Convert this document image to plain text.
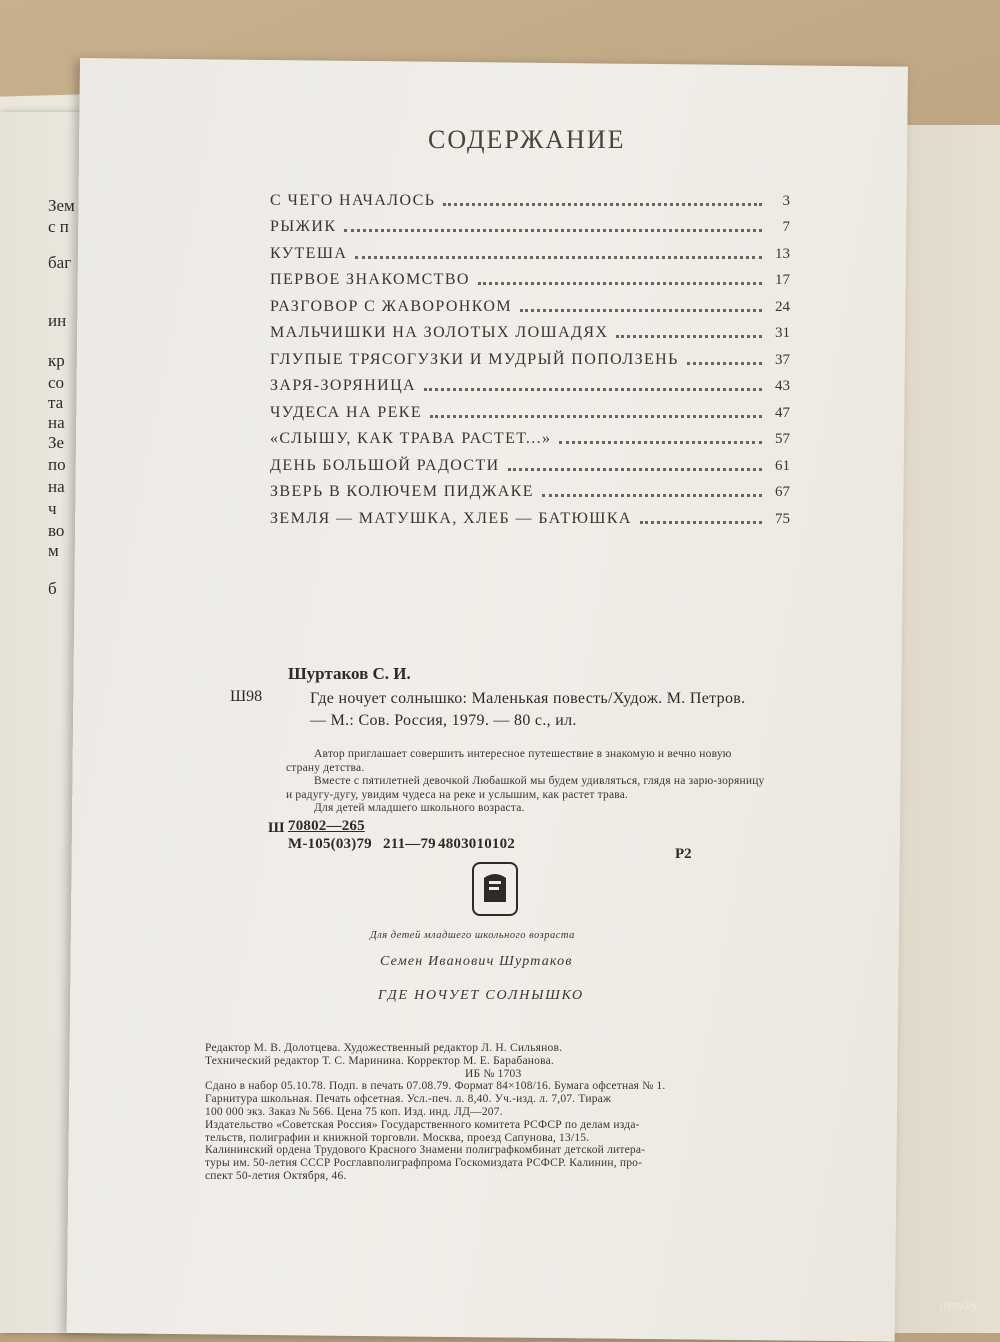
Зем
с п
баг
ин
кр
со
та
на
Зе
по
на
ч
во
м
б
СОДЕРЖАНИЕ
С ЧЕГО НАЧАЛОСЬ	3
РЫЖИК	7
КУТЕША	13
ПЕРВОЕ ЗНАКОМСТВО	17
РАЗГОВОР С ЖАВОРОНКОМ	24
МАЛЬЧИШКИ НА ЗОЛОТЫХ ЛОШАДЯХ	31
ГЛУПЫЕ ТРЯСОГУЗКИ И МУДРЫЙ ПОПОЛЗЕНЬ	37
ЗАРЯ-ЗОРЯНИЦА	43
ЧУДЕСА НА РЕКЕ	47
«СЛЫШУ, КАК ТРАВА РАСТЕТ...»	57
ДЕНЬ БОЛЬШОЙ РАДОСТИ	61
ЗВЕРЬ В КОЛЮЧЕМ ПИДЖАКЕ	67
ЗЕМЛЯ — МАТУШКА, ХЛЕБ — БАТЮШКА	75
Шуртаков С. И.
Ш98	Где ночует солнышко: Маленькая повесть/Худож. М. Петров. — М.: Сов. Россия, 1979. — 80 с., ил.

Автор приглашает совершить интересное путешествие в знакомую и вечно новую страну детства.

Вместе с пятилетней девочкой Любашкой мы будем удивляться, глядя на зарю-зоряницу и радугу-дугу, увидим чудеса на реке и услышим, как растет трава.

Для детей младшего школьного возраста.

Ш 70802—265
М-105(03)79 211—79 4803010102
Р2
Для детей младшего школьного возраста
Семен Иванович Шуртаков
ГДЕ НОЧУЕТ СОЛНЫШКО
Редактор М. В. Долотцева. Художественный редактор Л. Н. Сильянов.
Технический редактор Т. С. Маринина. Корректор М. Е. Барабанова.
ИБ № 1703
Сдано в набор 05.10.78. Подп. в печать 07.08.79. Формат 84×108/16. Бумага офсетная № 1.
Гарнитура школьная. Печать офсетная. Усл.-печ. л. 8,40. Уч.-изд. л. 7,07. Тираж
100 000 экз. Заказ № 566. Цена 75 коп. Изд. инд. ЛД—207.
Издательство «Советская Россия» Государственного комитета РСФСР по делам изда-
тельств, полиграфии и книжной торговли. Москва, проезд Сапунова, 13/15.
Калининский ордена Трудового Красного Знамени полиграфкомбинат детской литера-
туры им. 50-летия СССР Росглавполиграфпрома Госкомиздата РСФСР. Калинин, про-
спект 50-летия Октября, 46.
mety.by
